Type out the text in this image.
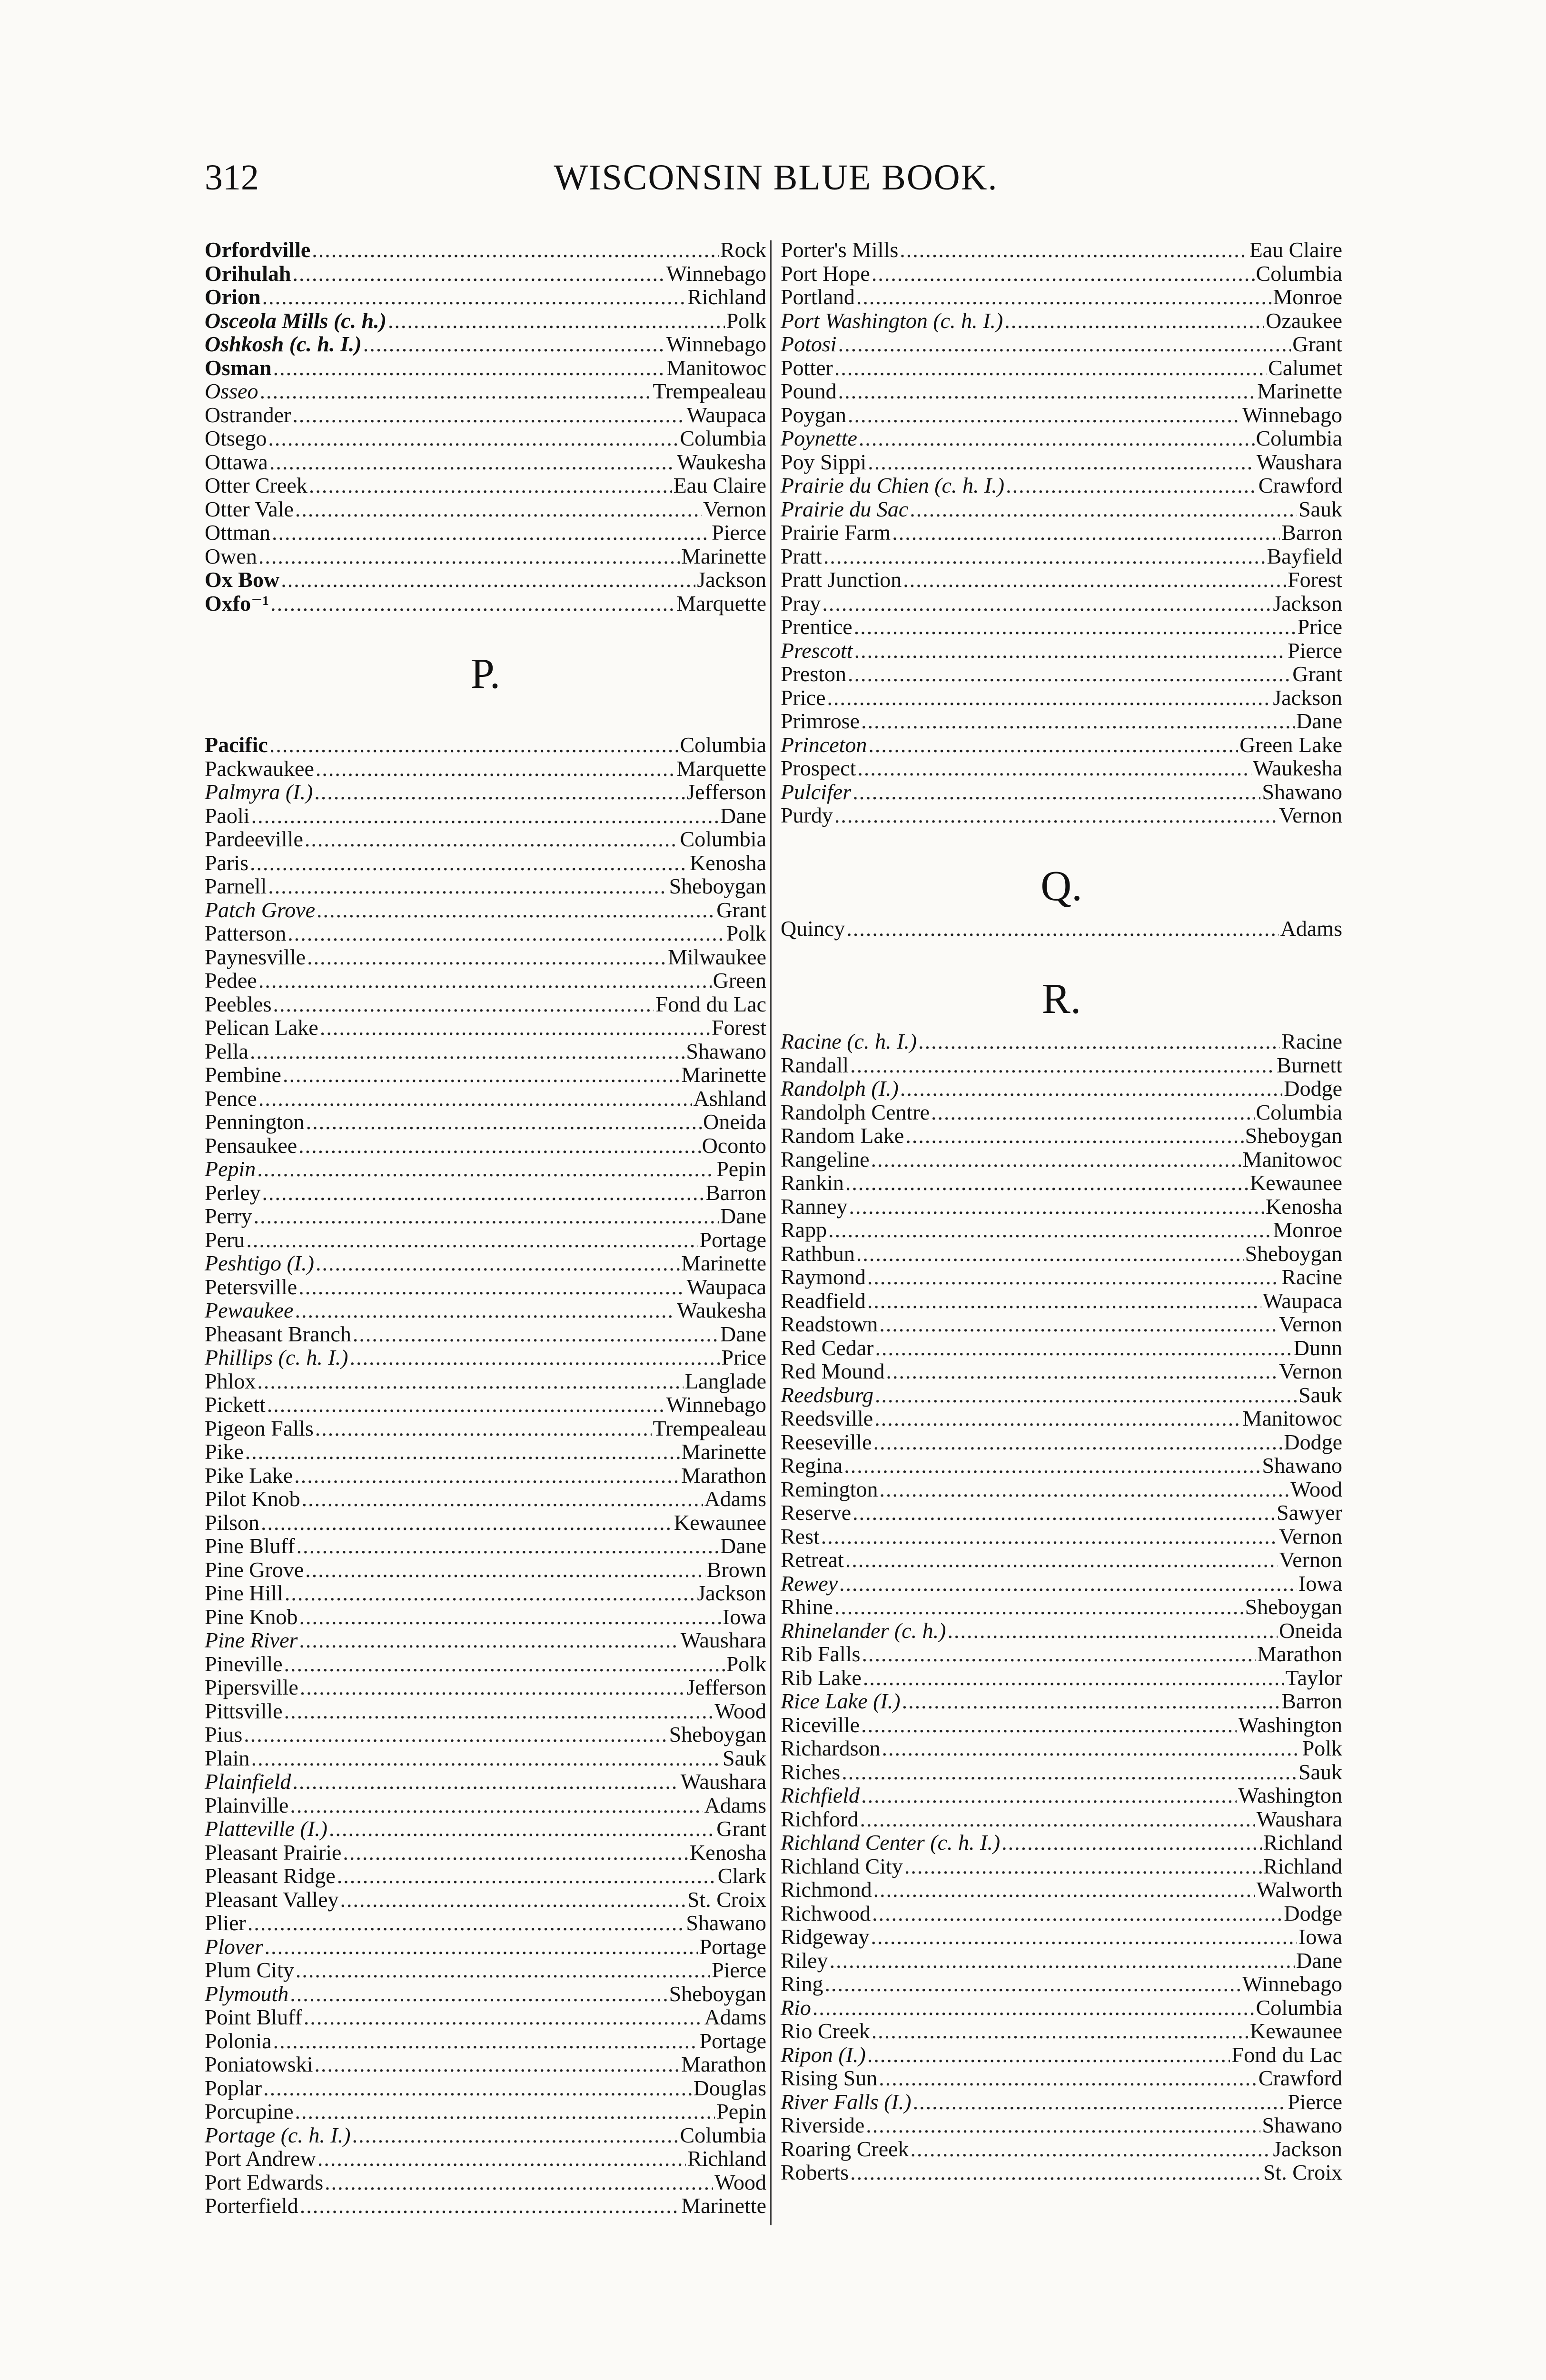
312	WISCONSIN BLUE BOOK.
Orfordville .....	Rock
Orihulah .....	Winnebago
Orion .....	Richland
Osceola Mills (c. h.) .....	Polk
Oshkosh (c. h. I.) .....	Winnebago
Osman .....	Manitowoc
Osseo .....	Trempealeau
Ostrander .....	Waupaca
Otsego .....	Columbia
Ottawa .....	Waukesha
Otter Creek .....	Eau Claire
Otter Vale .....	Vernon
Ottman .....	Pierce
Owen .....	Marinette
Ox Bow .....	Jackson
Oxfo⁻¹ .....	Marquette
P.
Pacific .....	Columbia
Packwaukee .....	Marquette
Palmyra (I.) .....	Jefferson
Paoli .....	Dane
Pardeeville .....	Columbia
Paris .....	Kenosha
Parnell .....	Sheboygan
Patch Grove .....	Grant
Patterson .....	Polk
Paynesville .....	Milwaukee
Pedee .....	Green
Peebles .....	Fond du Lac
Pelican Lake .....	Forest
Pella .....	Shawano
Pembine .....	Marinette
Pence .....	Ashland
Pennington .....	Oneida
Pensaukee .....	Oconto
Pepin .....	Pepin
Perley .....	Barron
Perry .....	Dane
Peru .....	Portage
Peshtigo (I.) .....	Marinette
Petersville .....	Waupaca
Pewaukee .....	Waukesha
Pheasant Branch .....	Dane
Phillips (c. h. I.) .....	Price
Phlox .....	Langlade
Pickett .....	Winnebago
Pigeon Falls .....	Trempealeau
Pike .....	Marinette
Pike Lake .....	Marathon
Pilot Knob .....	Adams
Pilson .....	Kewaunee
Pine Bluff .....	Dane
Pine Grove .....	Brown
Pine Hill .....	Jackson
Pine Knob .....	Iowa
Pine River .....	Waushara
Pineville .....	Polk
Pipersville .....	Jefferson
Pittsville .....	Wood
Pius .....	Sheboygan
Plain .....	Sauk
Plainfield .....	Waushara
Plainville .....	Adams
Platteville (I.) .....	Grant
Pleasant Prairie .....	Kenosha
Pleasant Ridge .....	Clark
Pleasant Valley .....	St. Croix
Plier .....	Shawano
Plover .....	Portage
Plum City .....	Pierce
Plymouth .....	Sheboygan
Point Bluff .....	Adams
Polonia .....	Portage
Poniatowski .....	Marathon
Poplar .....	Douglas
Porcupine .....	Pepin
Portage (c. h. I.) .....	Columbia
Port Andrew .....	Richland
Port Edwards .....	Wood
Porterfield .....	Marinette
Porter's Mills .....	Eau Claire
Port Hope .....	Columbia
Portland .....	Monroe
Port Washington (c. h. I.) .....	Ozaukee
Potosi .....	Grant
Potter .....	Calumet
Pound .....	Marinette
Poygan .....	Winnebago
Poynette .....	Columbia
Poy Sippi .....	Waushara
Prairie du Chien (c. h. I.) .....	Crawford
Prairie du Sac .....	Sauk
Prairie Farm .....	Barron
Pratt .....	Bayfield
Pratt Junction .....	Forest
Pray .....	Jackson
Prentice .....	Price
Prescott .....	Pierce
Preston .....	Grant
Price .....	Jackson
Primrose .....	Dane
Princeton .....	Green Lake
Prospect .....	Waukesha
Pulcifer .....	Shawano
Purdy .....	Vernon
Q.
Quincy .....	Adams
R.
Racine (c. h. I.) .....	Racine
Randall .....	Burnett
Randolph (I.) .....	Dodge
Randolph Centre .....	Columbia
Random Lake .....	Sheboygan
Rangeline .....	Manitowoc
Rankin .....	Kewaunee
Ranney .....	Kenosha
Rapp .....	Monroe
Rathbun .....	Sheboygan
Raymond .....	Racine
Readfield .....	Waupaca
Readstown .....	Vernon
Red Cedar .....	Dunn
Red Mound .....	Vernon
Reedsburg .....	Sauk
Reedsville .....	Manitowoc
Reeseville .....	Dodge
Regina .....	Shawano
Remington .....	Wood
Reserve .....	Sawyer
Rest .....	Vernon
Retreat .....	Vernon
Rewey .....	Iowa
Rhine .....	Sheboygan
Rhinelander (c. h.) .....	Oneida
Rib Falls .....	Marathon
Rib Lake .....	Taylor
Rice Lake (I.) .....	Barron
Riceville .....	Washington
Richardson .....	Polk
Riches .....	Sauk
Richfield .....	Washington
Richford .....	Waushara
Richland Center (c. h. I.) .....	Richland
Richland City .....	Richland
Richmond .....	Walworth
Richwood .....	Dodge
Ridgeway .....	Iowa
Riley .....	Dane
Ring .....	Winnebago
Rio .....	Columbia
Rio Creek .....	Kewaunee
Ripon (I.) .....	Fond du Lac
Rising Sun .....	Crawford
River Falls (I.) .....	Pierce
Riverside .....	Shawano
Roaring Creek .....	Jackson
Roberts .....	St. Croix
